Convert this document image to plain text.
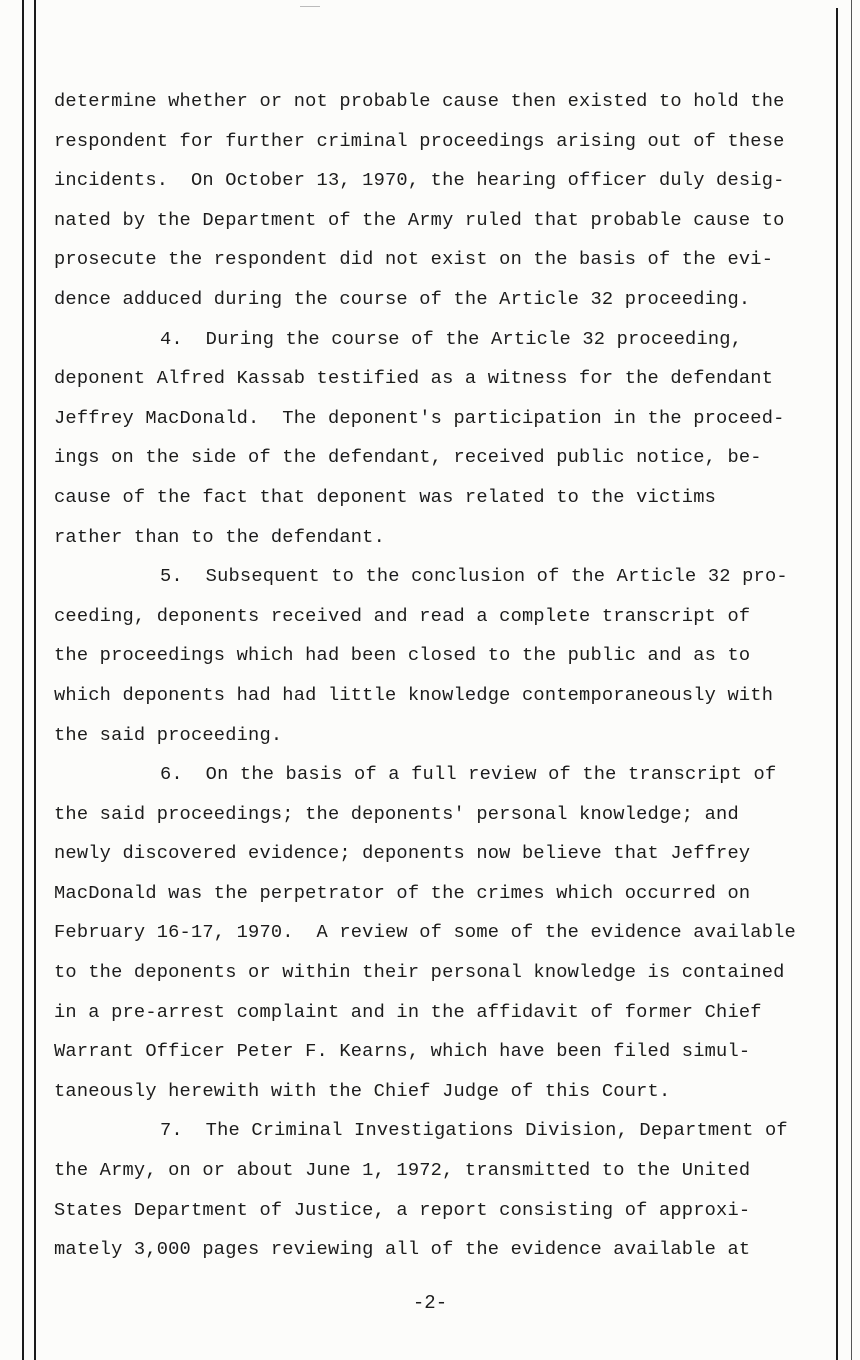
determine whether or not probable cause then existed to hold the
respondent for further criminal proceedings arising out of these
incidents.  On October 13, 1970, the hearing officer duly desig-
nated by the Department of the Army ruled that probable cause to
prosecute the respondent did not exist on the basis of the evi-
dence adduced during the course of the Article 32 proceeding.
4.  During the course of the Article 32 proceeding,
deponent Alfred Kassab testified as a witness for the defendant
Jeffrey MacDonald.  The deponent's participation in the proceed-
ings on the side of the defendant, received public notice, be-
cause of the fact that deponent was related to the victims
rather than to the defendant.
5.  Subsequent to the conclusion of the Article 32 pro-
ceeding, deponents received and read a complete transcript of
the proceedings which had been closed to the public and as to
which deponents had had little knowledge contemporaneously with
the said proceeding.
6.  On the basis of a full review of the transcript of
the said proceedings; the deponents' personal knowledge; and
newly discovered evidence; deponents now believe that Jeffrey
MacDonald was the perpetrator of the crimes which occurred on
February 16-17, 1970.  A review of some of the evidence available
to the deponents or within their personal knowledge is contained
in a pre-arrest complaint and in the affidavit of former Chief
Warrant Officer Peter F. Kearns, which have been filed simul-
taneously herewith with the Chief Judge of this Court.
7.  The Criminal Investigations Division, Department of
the Army, on or about June 1, 1972, transmitted to the United
States Department of Justice, a report consisting of approxi-
mately 3,000 pages reviewing all of the evidence available at
-2-
